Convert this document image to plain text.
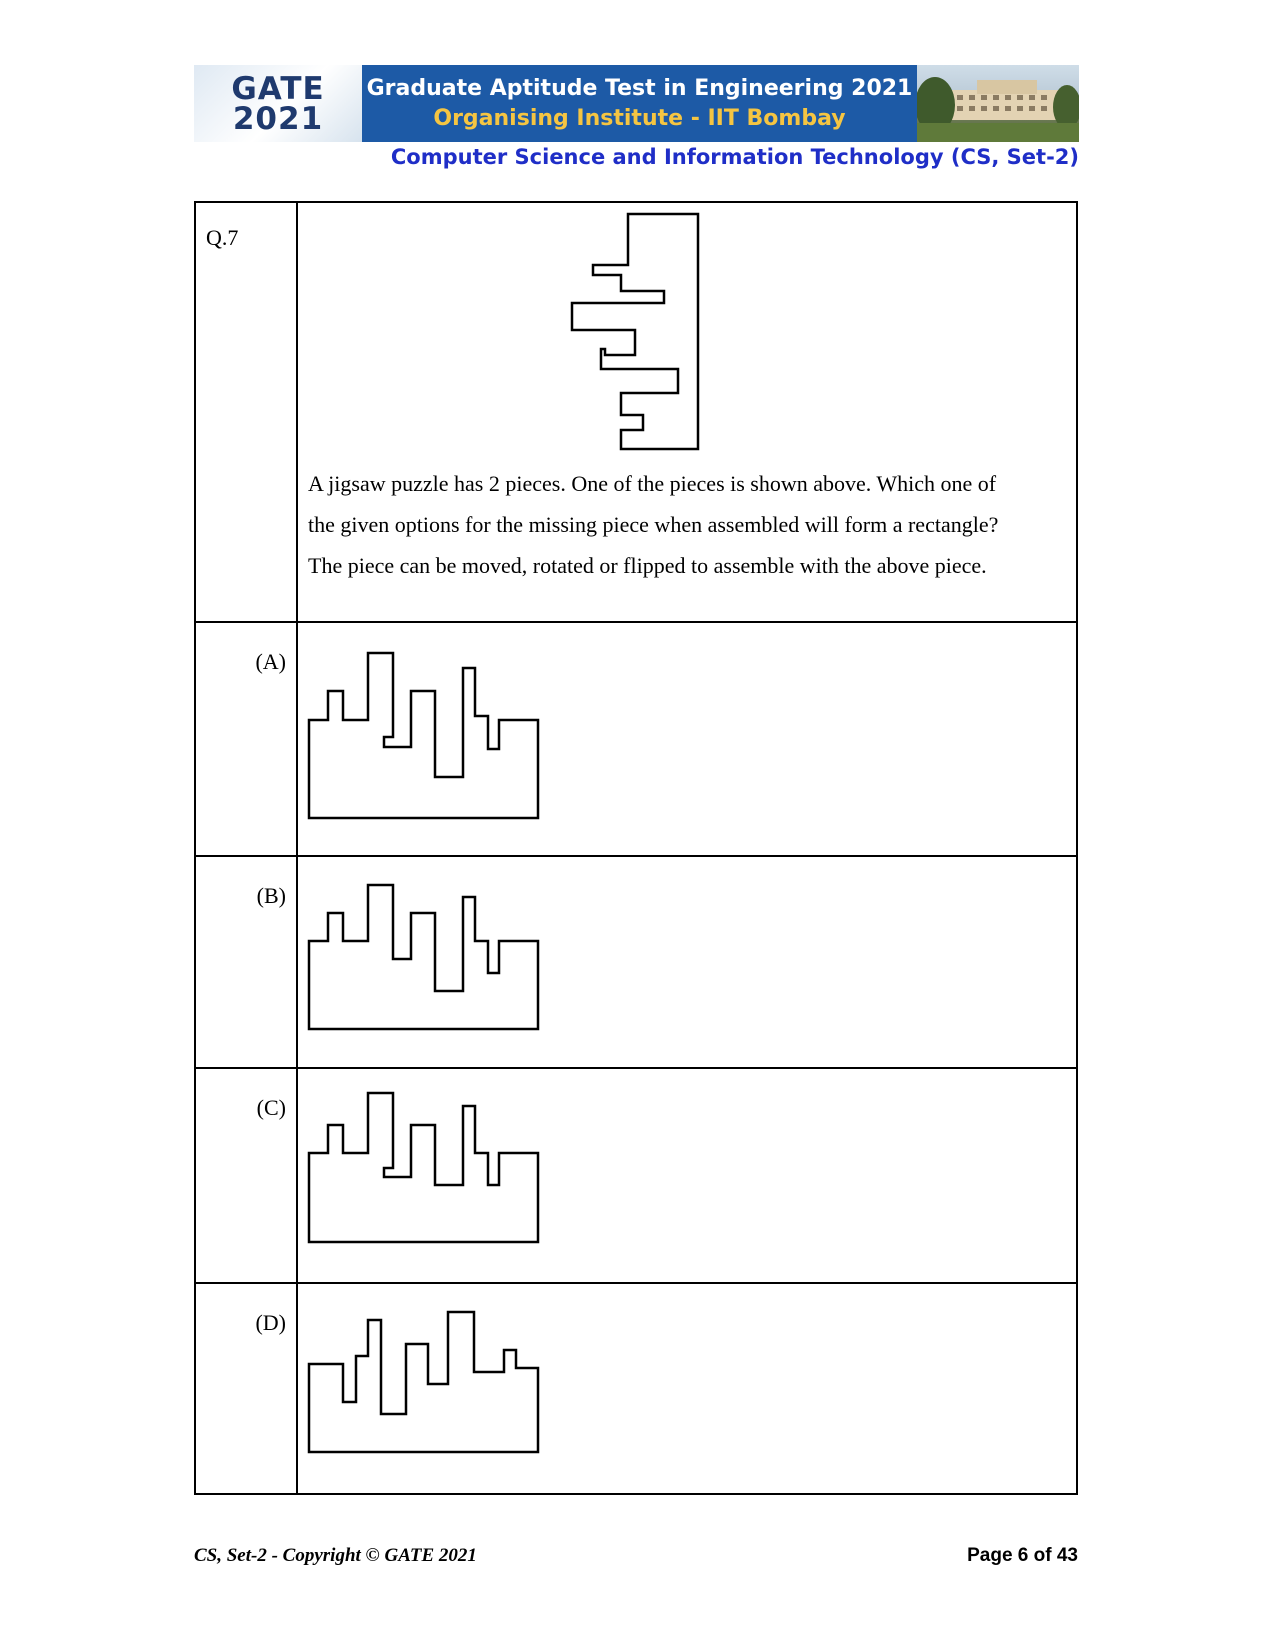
GATE
2021
Graduate Aptitude Test in Engineering 2021
Organising Institute - IIT Bombay
Computer Science and Information Technology (CS, Set-2)
Q.7	A jigsaw puzzle has 2 pieces. One of the pieces is shown above. Which one of
the given options for the missing piece when assembled will form a rectangle?
The piece can be moved, rotated or flipped to assemble with the above piece.

(A)

(B)

(C)

(D)

CS, Set-2 - Copyright © GATE 2021	Page 6 of 43
